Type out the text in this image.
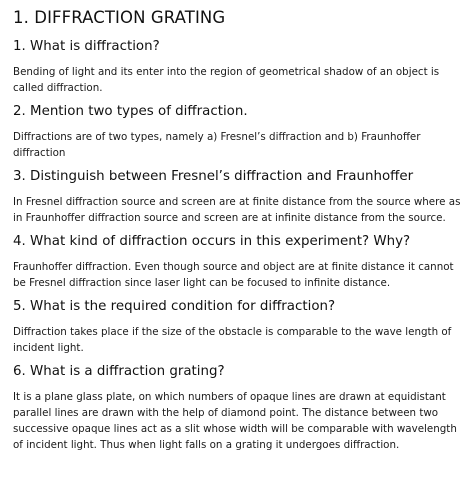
1. DIFFRACTION GRATING
1. What is diffraction?

Bending of light and its enter into the region of geometrical shadow of an object is called diffraction.

2. Mention two types of diffraction.

Diffractions are of two types, namely a) Fresnel’s diffraction and b) Fraunhoffer diffraction

3. Distinguish between Fresnel’s diffraction and Fraunhoffer

In Fresnel diffraction source and screen are at finite distance from the source where as in Fraunhoffer diffraction source and screen are at infinite distance from the source.

4. What kind of diffraction occurs in this experiment? Why?

Fraunhoffer diffraction. Even though source and object are at finite distance it cannot be Fresnel diffraction since laser light can be focused to infinite distance.

5. What is the required condition for diffraction?

Diffraction takes place if the size of the obstacle is comparable to the wave length of incident light.

6. What is a diffraction grating?

It is a plane glass plate, on which numbers of opaque lines are drawn at equidistant parallel lines are drawn with the help of diamond point. The distance between two successive opaque lines act as a slit whose width will be comparable with wavelength of incident light. Thus when light falls on a grating it undergoes diffraction.
